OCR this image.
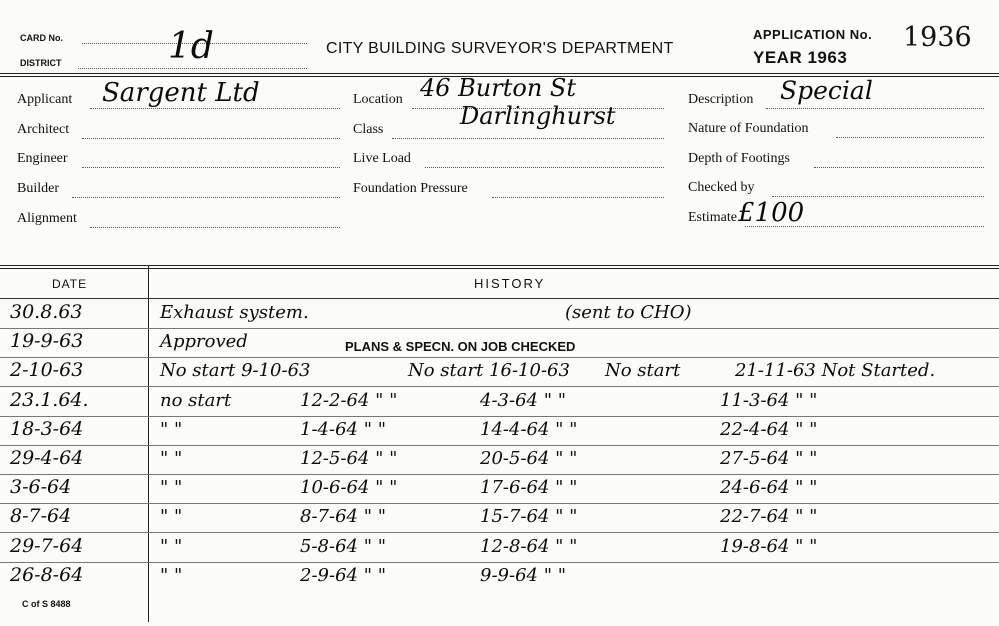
CARD No.
DISTRICT	1d	CITY BUILDING SURVEYOR'S DEPARTMENT
APPLICATION No. 1936
YEAR 1963
Applicant Sargent Ltd
Architect
Engineer
Builder
Alignment
Location 46 Burton St
Darlinghurst
Class
Live Load
Foundation Pressure
Description Special
Nature of Foundation
Depth of Footings
Checked by
Estimate £100
DATE	HISTORY
C of S 8488
30.8.63	Exhaust system.	(sent to CHO)
19-9-63	Approved	PLANS & SPECN. ON JOB CHECKED
2-10-63	No start 9-10-63	No start 16-10-63 No start	21-11-63 Not Started.
23.1.64.	no start	12-2-64 " "	4-3-64 " "	11-3-64 " "
18-3-64	" "	1-4-64 " "	14-4-64 " "	22-4-64 " "
29-4-64	" "	12-5-64 " "	20-5-64 " "	27-5-64 " "
3-6-64	" "	10-6-64 " "	17-6-64 " "	24-6-64 " "
8-7-64	" "	8-7-64 " "	15-7-64 " "	22-7-64 " "
29-7-64	" "	5-8-64 " "	12-8-64 " "	19-8-64 " "
26-8-64	" "	2-9-64 " "	9-9-64 " "
